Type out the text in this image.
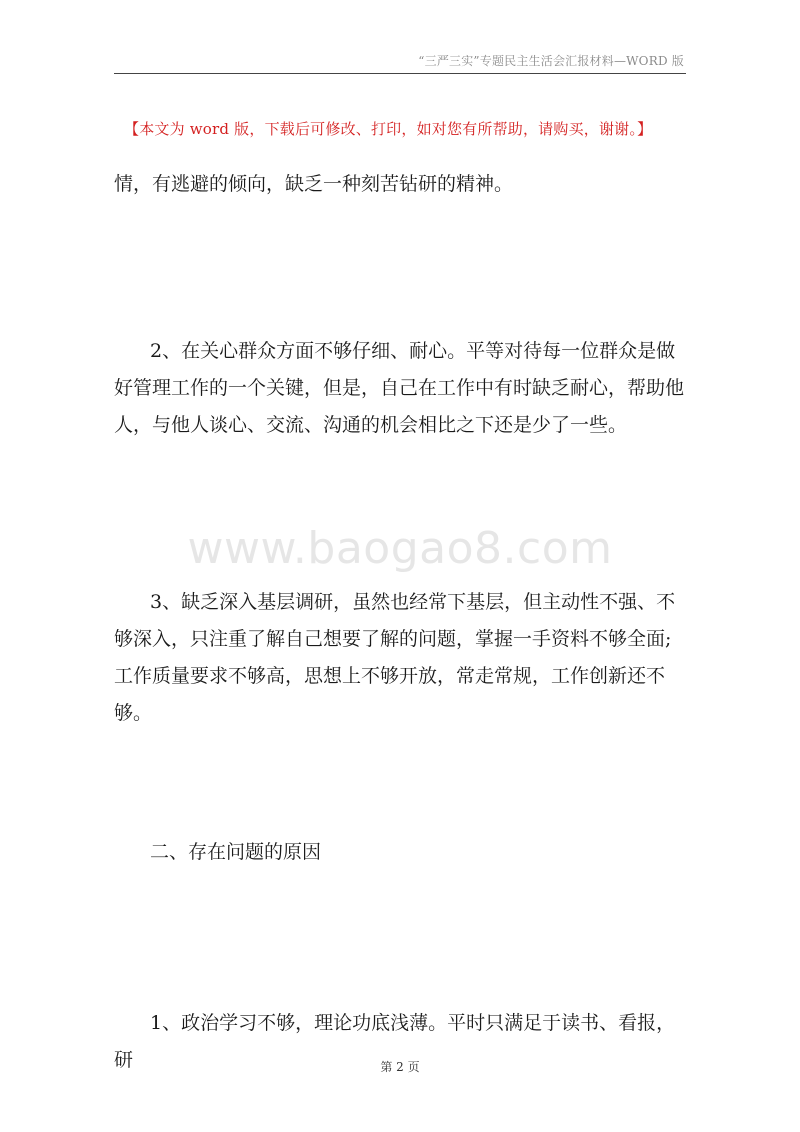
“三严三实”专题民主生活会汇报材料—WORD 版
【本文为 word 版，下载后可修改、打印，如对您有所帮助，请购买，谢谢。】

情，有逃避的倾向，缺乏一种刻苦钻研的精神。

2、在关心群众方面不够仔细、耐心。平等对待每一位群众是做好管理工作的一个关键，但是，自己在工作中有时缺乏耐心，帮助他人，与他人谈心、交流、沟通的机会相比之下还是少了一些。

www.baogao8.com

3、缺乏深入基层调研，虽然也经常下基层，但主动性不强、不够深入，只注重了解自己想要了解的问题，掌握一手资料不够全面;工作质量要求不够高，思想上不够开放，常走常规，工作创新还不够。

二、存在问题的原因

1、政治学习不够，理论功底浅薄。平时只满足于读书、看报，研	第 2 页
